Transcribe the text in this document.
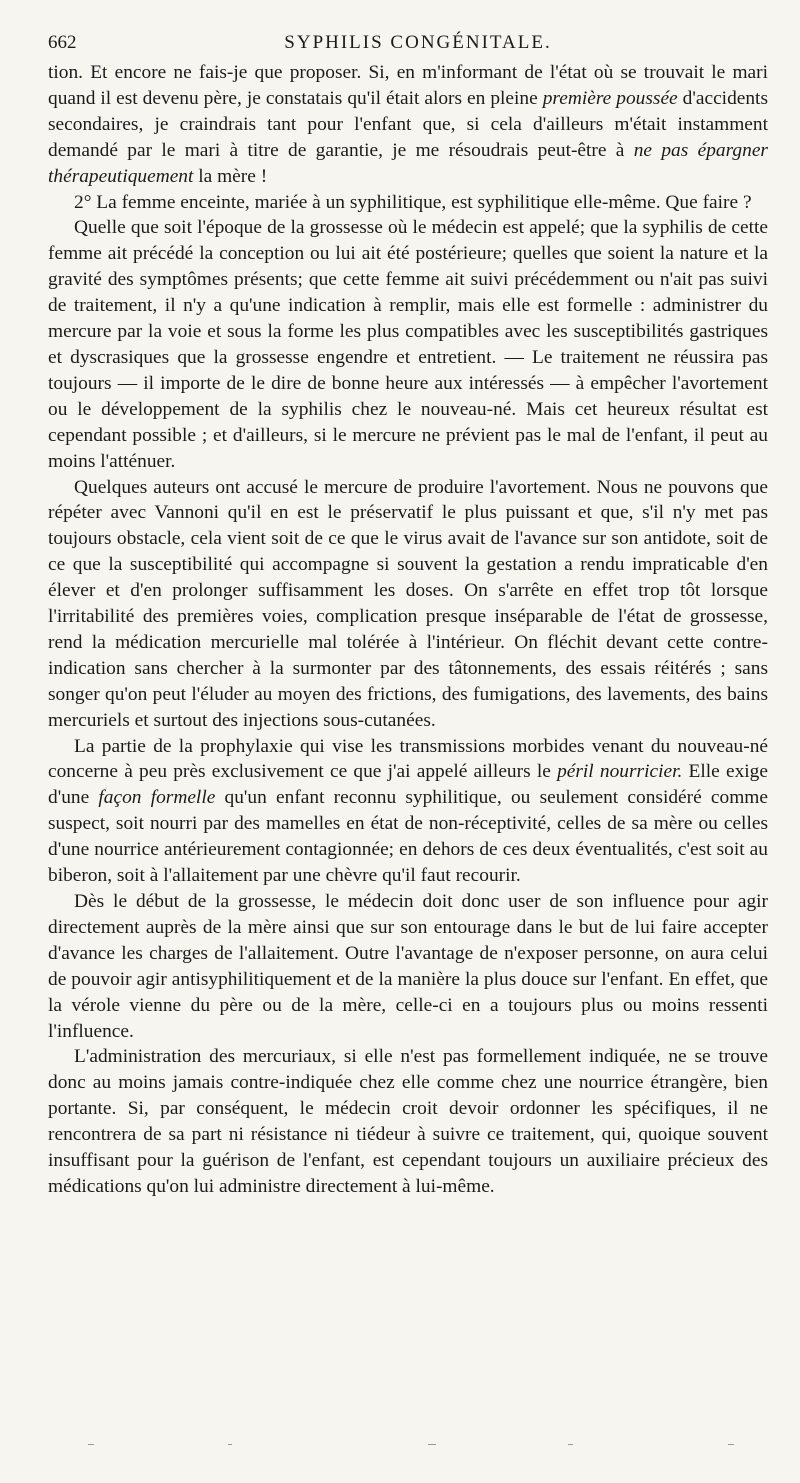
662	SYPHILIS CONGÉNITALE.

tion. Et encore ne fais-je que proposer. Si, en m'informant de l'état où se trouvait le mari quand il est devenu père, je constatais qu'il était alors en pleine première poussée d'accidents secondaires, je craindrais tant pour l'enfant que, si cela d'ailleurs m'était instamment demandé par le mari à titre de garantie, je me résoudrais peut-être à ne pas épargner thérapeutiquement la mère !

2° La femme enceinte, mariée à un syphilitique, est syphilitique elle-même. Que faire ?

Quelle que soit l'époque de la grossesse où le médecin est appelé; que la syphilis de cette femme ait précédé la conception ou lui ait été postérieure; quelles que soient la nature et la gravité des symptômes présents; que cette femme ait suivi précédemment ou n'ait pas suivi de traitement, il n'y a qu'une indication à remplir, mais elle est formelle : administrer du mercure par la voie et sous la forme les plus compatibles avec les susceptibilités gastriques et dyscrasiques que la grossesse engendre et entretient. — Le traitement ne réussira pas toujours — il importe de le dire de bonne heure aux intéressés — à empêcher l'avortement ou le développement de la syphilis chez le nouveau-né. Mais cet heureux résultat est cependant possible ; et d'ailleurs, si le mercure ne prévient pas le mal de l'enfant, il peut au moins l'atténuer.

Quelques auteurs ont accusé le mercure de produire l'avortement. Nous ne pouvons que répéter avec Vannoni qu'il en est le préservatif le plus puissant et que, s'il n'y met pas toujours obstacle, cela vient soit de ce que le virus avait de l'avance sur son antidote, soit de ce que la susceptibilité qui accompagne si souvent la gestation a rendu impraticable d'en élever et d'en prolonger suffisamment les doses. On s'arrête en effet trop tôt lorsque l'irritabilité des premières voies, complication presque inséparable de l'état de grossesse, rend la médication mercurielle mal tolérée à l'intérieur. On fléchit devant cette contre-indication sans chercher à la surmonter par des tâtonnements, des essais réitérés ; sans songer qu'on peut l'éluder au moyen des frictions, des fumigations, des lavements, des bains mercuriels et surtout des injections sous-cutanées.

La partie de la prophylaxie qui vise les transmissions morbides venant du nouveau-né concerne à peu près exclusivement ce que j'ai appelé ailleurs le péril nourricier. Elle exige d'une façon formelle qu'un enfant reconnu syphilitique, ou seulement considéré comme suspect, soit nourri par des mamelles en état de non-réceptivité, celles de sa mère ou celles d'une nourrice antérieurement contagionnée; en dehors de ces deux éventualités, c'est soit au biberon, soit à l'allaitement par une chèvre qu'il faut recourir.

Dès le début de la grossesse, le médecin doit donc user de son influence pour agir directement auprès de la mère ainsi que sur son entourage dans le but de lui faire accepter d'avance les charges de l'allaitement. Outre l'avantage de n'exposer personne, on aura celui de pouvoir agir antisyphilitiquement et de la manière la plus douce sur l'enfant. En effet, que la vérole vienne du père ou de la mère, celle-ci en a toujours plus ou moins ressenti l'influence.

L'administration des mercuriaux, si elle n'est pas formellement indiquée, ne se trouve donc au moins jamais contre-indiquée chez elle comme chez une nourrice étrangère, bien portante. Si, par conséquent, le médecin croit devoir ordonner les spécifiques, il ne rencontrera de sa part ni résistance ni tiédeur à suivre ce traitement, qui, quoique souvent insuffisant pour la guérison de l'enfant, est cependant toujours un auxiliaire précieux des médications qu'on lui administre directement à lui-même.
